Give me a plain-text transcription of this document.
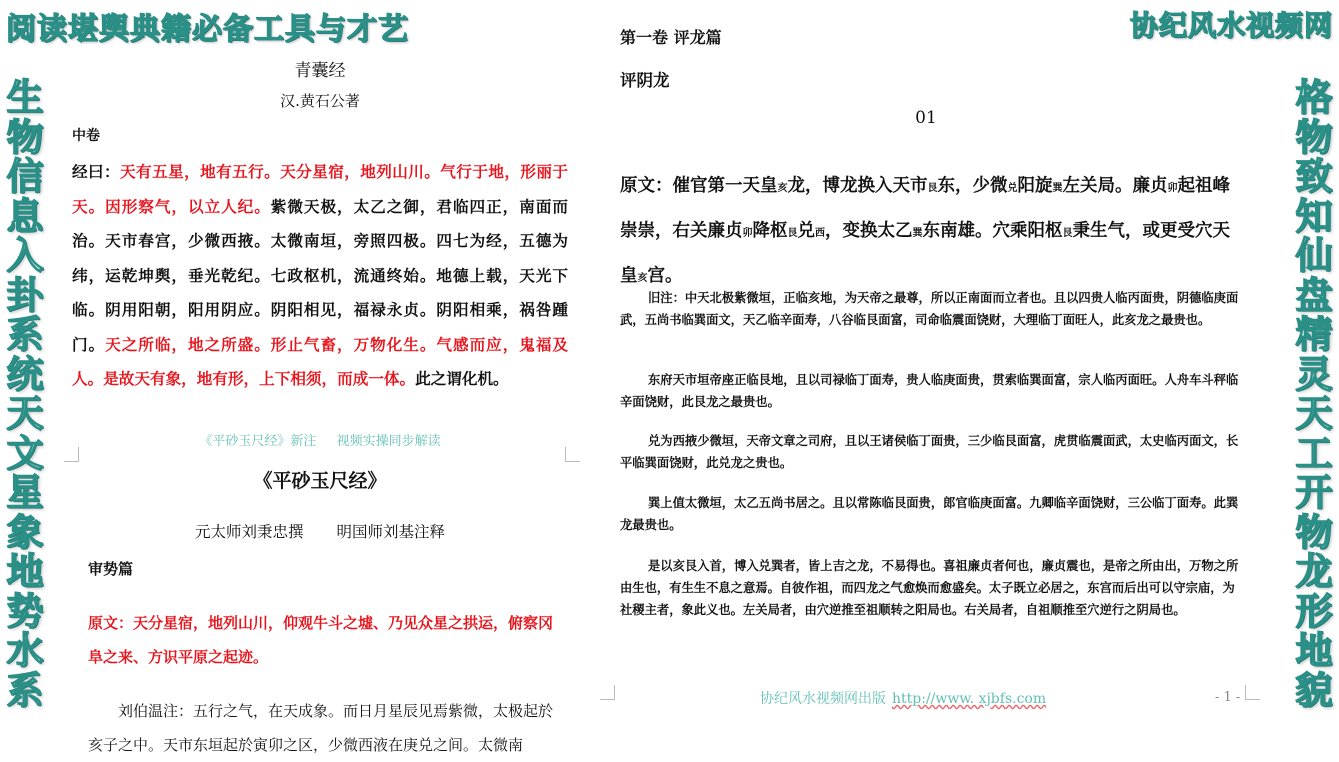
阅读堪舆典籍必备工具与才艺	协纪风水视频网
生物信息入卦系统天文星象地势水系
格物致知仙盘精灵天工开物龙形地貌
青囊经
汉.黄石公著
中卷
经曰：天有五星，地有五行。天分星宿，地列山川。气行于地，形丽于天。因形察气，以立人纪。紫微天极，太乙之御，君临四正，南面而治。天市春宫，少微西掖。太微南垣，旁照四极。四七为经，五德为纬，运乾坤舆，垂光乾纪。七政枢机，流通终始。地德上载，天光下临。阴用阳朝，阳用阴应。阴阳相见，福禄永贞。阴阳相乘，祸咎踵门。天之所临，地之所盛。形止气畜，万物化生。气感而应，鬼福及人。是故天有象，地有形，上下相须，而成一体。此之谓化机。
《平砂玉尺经》新注 视频实操同步解读
《平砂玉尺经》
元太师刘秉忠撰 明国师刘基注释
审势篇
原文：天分星宿，地列山川，仰观牛斗之墟、乃见众星之拱运，俯察冈阜之来、方识平原之起迹。
刘伯温注：五行之气，在天成象。而日月星辰见焉紫微，太极起於亥子之中。天市东垣起於寅卯之区，少微西液在庚兑之间。太微南
第一卷 评龙篇
评阴龙
01
原文：催官第一天皇亥龙，博龙换入天市艮东，少微兑阳旋巽左关局。廉贞卯起祖峰崇崇，右关廉贞卯降枢艮兑西，变换太乙巽东南雄。穴乘阳枢艮秉生气，或更受穴天皇亥宫。
旧注：中天北极紫微垣，正临亥地，为天帝之最尊，所以正南面而立者也。且以四贵人临丙面贵，阴德临庚面武，五尚书临巽面文，天乙临辛面寿，八谷临艮面富，司命临震面饶财，大理临丁面旺人，此亥龙之最贵也。
东府天市垣帝座正临艮地，且以司禄临丁面寿，贵人临庚面贵，贯索临巽面富，宗人临丙面旺。人舟车斗秤临辛面饶财，此艮龙之最贵也。
兑为西掖少微垣，天帝文章之司府，且以王诸侯临丁面贵，三少临艮面富，虎贯临震面武，太史临丙面文，长平临巽面饶财，此兑龙之贵也。
巽上值太微垣，太乙五尚书居之。且以常陈临艮面贵，郎官临庚面富。九卿临辛面饶财，三公临丁面寿。此巽龙最贵也。
是以亥艮入首，博入兑巽者，皆上吉之龙，不易得也。喜祖廉贞者何也，廉贞震也，是帝之所由出，万物之所由生也，有生生不息之意焉。自彼作祖，而四龙之气愈焕而愈盛矣。太子既立必居之，东宫而后出可以守宗庙，为社稷主者，象此义也。左关局者，由穴逆推至祖顺转之阳局也。右关局者，自祖顺推至穴逆行之阴局也。
协纪风水视频网出版 http://www. xjbfs.com	- 1 -
